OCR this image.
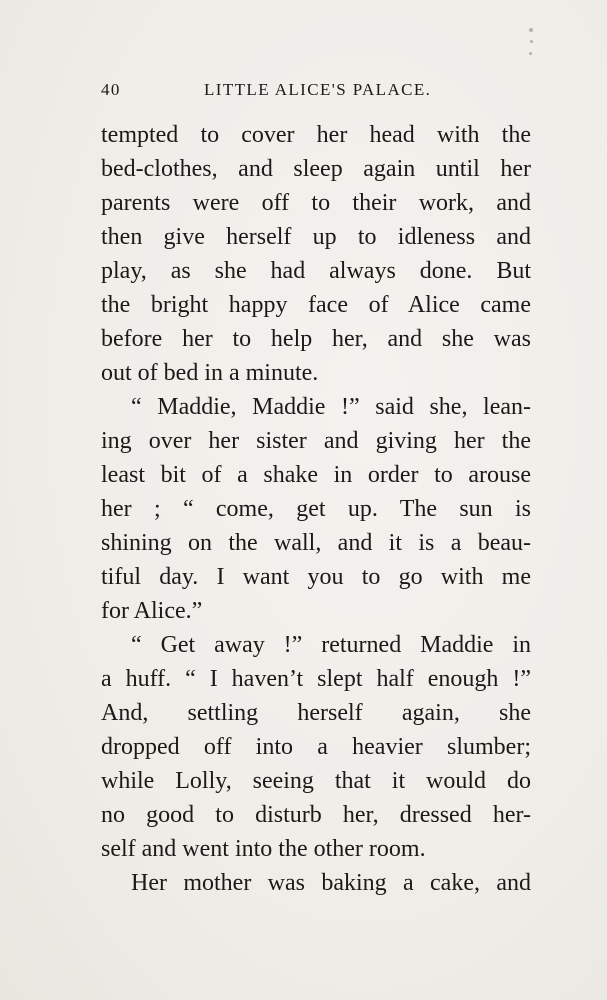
40	LITTLE ALICE'S PALACE.
tempted to cover her head with the
bed-clothes, and sleep again until her
parents were off to their work, and
then give herself up to idleness and
play, as she had always done. But
the bright happy face of Alice came
before her to help her, and she was
out of bed in a minute.
“ Maddie, Maddie !” said she, lean-
ing over her sister and giving her the
least bit of a shake in order to arouse
her ; “ come, get up. The sun is
shining on the wall, and it is a beau-
tiful day. I want you to go with me
for Alice.”
“ Get away !” returned Maddie in
a huff. “ I haven’t slept half enough !”
And, settling herself again, she
dropped off into a heavier slumber;
while Lolly, seeing that it would do
no good to disturb her, dressed her-
self and went into the other room.
Her mother was baking a cake, and
